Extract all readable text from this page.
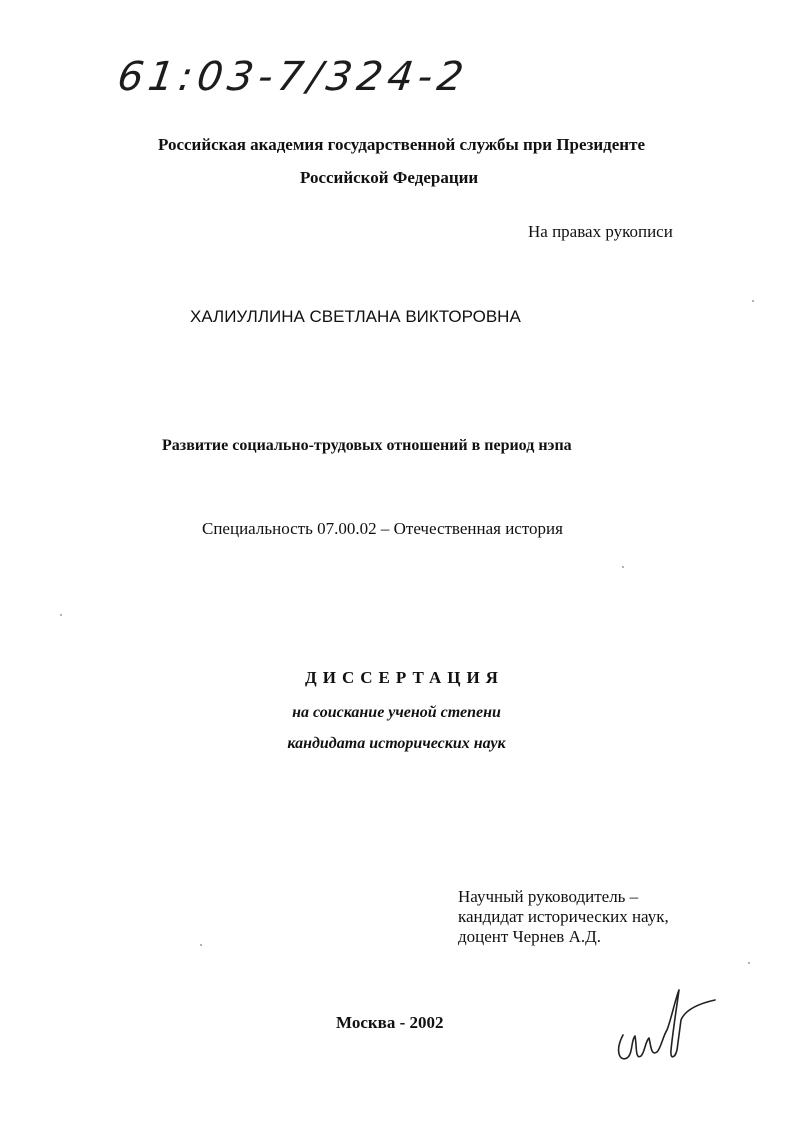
61:03-7/324-2
Российская академия государственной службы при Президенте
Российской Федерации
На правах рукописи
ХАЛИУЛЛИНА СВЕТЛАНА ВИКТОРОВНА
Развитие социально-трудовых отношений в период нэпа
Специальность 07.00.02 – Отечественная история
ДИССЕРТАЦИЯ
на соискание ученой степени
кандидата исторических наук
Научный руководитель –
кандидат исторических наук,
доцент Чернев А.Д.
Москва - 2002
